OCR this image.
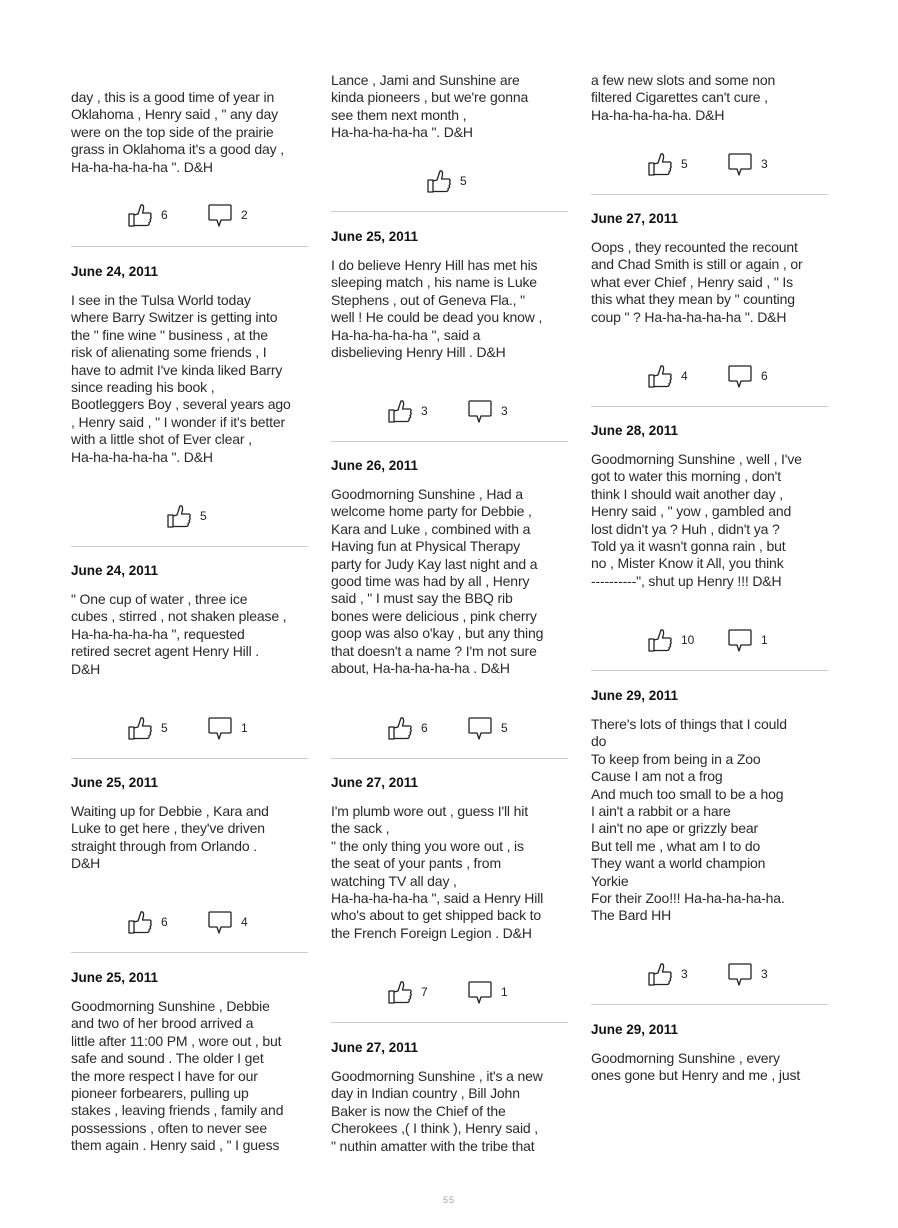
day , this is a good time of year in
Oklahoma , Henry said , " any day
were on the top side of the prairie
grass in Oklahoma it's a good day ,
Ha-ha-ha-ha-ha ". D&H

6	2
June 24, 2011

I see in the Tulsa World today
where Barry Switzer is getting into
the " fine wine " business , at the
risk of alienating some friends , I
have to admit I've kinda liked Barry
since reading his book ,
Bootleggers Boy , several years ago
, Henry said , " I wonder if it's better
with a little shot of Ever clear ,
Ha-ha-ha-ha-ha ". D&H

5
June 24, 2011

" One cup of water , three ice
cubes , stirred , not shaken please ,
Ha-ha-ha-ha-ha ", requested
retired secret agent Henry Hill .
D&H

5	1
June 25, 2011

Waiting up for Debbie , Kara and
Luke to get here , they've driven
straight through from Orlando .
D&H

6	4
June 25, 2011

Goodmorning Sunshine , Debbie
and two of her brood arrived a
little after 11:00 PM , wore out , but
safe and sound . The older I get
the more respect I have for our
pioneer forbearers, pulling up
stakes , leaving friends , family and
possessions , often to never see
them again . Henry said , " I guess

Lance , Jami and Sunshine are
kinda pioneers , but we're gonna
see them next month ,
Ha-ha-ha-ha-ha ". D&H

5
June 25, 2011

I do believe Henry Hill has met his
sleeping match , his name is Luke
Stephens , out of Geneva Fla., "
well ! He could be dead you know ,
Ha-ha-ha-ha-ha ", said a
disbelieving Henry Hill . D&H

3	3
June 26, 2011

Goodmorning Sunshine , Had a
welcome home party for Debbie ,
Kara and Luke , combined with a
Having fun at Physical Therapy
party for Judy Kay last night and a
good time was had by all , Henry
said , " I must say the BBQ rib
bones were delicious , pink cherry
goop was also o'kay , but any thing
that doesn't a name ? I'm not sure
about, Ha-ha-ha-ha-ha . D&H

6	5
June 27, 2011

I'm plumb wore out , guess I'll hit
the sack ,
" the only thing you wore out , is
the seat of your pants , from
watching TV all day ,
Ha-ha-ha-ha-ha ", said a Henry Hill
who's about to get shipped back to
the French Foreign Legion . D&H

7	1
June 27, 2011

Goodmorning Sunshine , it's a new
day in Indian country , Bill John
Baker is now the Chief of the
Cherokees ,( I think ), Henry said ,
" nuthin amatter with the tribe that

a few new slots and some non
filtered Cigarettes can't cure ,
Ha-ha-ha-ha-ha. D&H

5	3
June 27, 2011

Oops , they recounted the recount
and Chad Smith is still or again , or
what ever Chief , Henry said , " Is
this what they mean by " counting
coup " ? Ha-ha-ha-ha-ha ". D&H

4	6
June 28, 2011

Goodmorning Sunshine , well , I've
got to water this morning , don't
think I should wait another day ,
Henry said , " yow , gambled and
lost didn't ya ? Huh , didn't ya ?
Told ya it wasn't gonna rain , but
no , Mister Know it All, you think
----------", shut up Henry !!! D&H

10	1
June 29, 2011

There's lots of things that I could
do
To keep from being in a Zoo
Cause I am not a frog
And much too small to be a hog
I ain't a rabbit or a hare
I ain't no ape or grizzly bear
But tell me , what am I to do
They want a world champion
Yorkie
For their Zoo!!! Ha-ha-ha-ha-ha.
The Bard HH

3	3
June 29, 2011

Goodmorning Sunshine , every
ones gone but Henry and me , just

55
